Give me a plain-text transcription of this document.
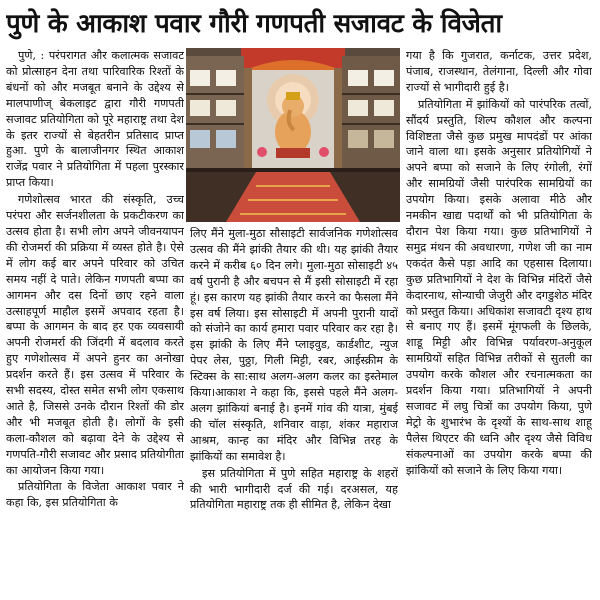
पुणे के आकाश पवार गौरी गणपती सजावट के विजेता

पुणे, : परंपरागत और कलात्मक सजावट को प्रोत्साहन देना तथा पारिवारिक रिश्तों के बंधनों को और मजबूत बनाने के उद्देश्य से मालपाणीज् बेकलाइट द्वारा गौरी गणपती सजावट प्रतियोगिता को पूरे महाराष्ट्र तथा देश के इतर राज्यों से बेहतरीन प्रतिसाद प्राप्त हुआ. पुणे के बालाजीनगर स्थित आकाश राजेंद्र पवार ने प्रतियोगिता में पहला पुरस्कार प्राप्त किया।

गणेशोत्सव भारत की संस्कृति, उच्च परंपरा और सर्जनशीलता के प्रकटीकरण का उत्सव होता है। सभी लोग अपने जीवनयापन की रोजमर्रा की प्रक्रिया में व्यस्त होते है। ऐसे में लोग कई बार अपने परिवार को उचित समय नहीं दे पाते। लेकिन गणपती बप्पा का आगमन और दस दिनों छाए रहने वाला उत्साहपूर्ण माहौल इसमें अपवाद रहता है। बप्पा के आगमन के बाद हर एक व्यवसायी अपनी रोजमर्रा की जिंदगी में बदलाव करते हुए गणेशोत्सव में अपने हुनर का अनोखा प्रदर्शन करते हैं। इस उत्सव में परिवार के सभी सदस्य, दोस्त समेत सभी लोग एकसाथ आते है, जिससे उनके दौरान रिश्तों की डोर और भी मजबूत होती है। लोगों के इसी कला-कौशल को बढ़ावा देने के उद्देश्य से गणपति-गौरी सजावट और प्रसाद प्रतियोगीता का आयोजन किया गया।

प्रतियोगिता के विजेता आकाश पवार ने कहा कि, इस प्रतियोगिता के

लिए मैंने मुला-मुठा सौसाइटी सार्वजनिक गणेशोत्सव उत्सव की मैंने झांकी तैयार की थी। यह झांकी तैयार करने में करीब ६० दिन लगे। मुला-मुठा सोसाइटी ४५ वर्ष पुरानी है और बचपन से मैं इसी सोसाइटी में रहा हूं। इस कारण यह झांकी तैयार करने का फैसला मैंने इस वर्ष लिया। इस सोसाइटी में अपनी पुरानी यादों को संजोने का कार्य हमारा पवार परिवार कर रहा है। इस झांकी के लिए मैंने प्लाइवुड, कार्डशीट, न्युज पेपर लेस, पुठ्ठा, गिली मिट्टी, रबर, आईस्क्रीम के स्टिक्स के सा:साथ अलग-अलग कलर का इस्तेमाल किया।आकाश ने कहा कि, इससे पहले मैंने अलग-अलग झांकियां बनाई है। इनमें गांव की यात्रा, मुंबई की चॉल संस्कृति, शनिवार वाड़ा, शंकर महाराज आश्रम, कान्ह का मंदिर और विभिन्न तरह के झांकियों का समावेश है।

इस प्रतियोगिता में पुणे सहित महाराष्ट्र के शहरों की भारी भागीदारी दर्ज की गई। दरअसल, यह प्रतियोगिता महाराष्ट्र तक ही सीमित है, लेकिन देखा

गया है कि गुजरात, कर्नाटक, उत्तर प्रदेश, पंजाब, राजस्थान, तेलंगाना, दिल्ली और गोवा राज्यों से भागीदारी हुई है।

प्रतियोगिता में झांकियों को पारंपरिक तत्वों, सौंदर्य प्रस्तुति, शिल्प कौशल और कल्पना विशिष्टता जैसे कुछ प्रमुख मापदंडों पर आंका जाने वाला था। इसके अनुसार प्रतियोगियों ने अपने बप्पा को सजाने के लिए रंगोली, रंगों और सामग्रियों जैसी पारंपरिक सामग्रियों का उपयोग किया। इसके अलावा मीठे और नमकीन खाद्य पदार्थों को भी प्रतियोगिता के दौरान पेश किया गया। कुछ प्रतिभागियों ने समुद्र मंथन की अवधारणा, गणेश जी का नाम एकदंत कैसे पड़ा आदि का एहसास दिलाया।कुछ प्रतिभागियों ने देश के विभिन्न मंदिरों जैसे केदारनाथ, सोन्याची जेजुरी और दगडुशेठ मंदिर को प्रस्तुत किया। अधिकांश सजावटी दृश्य हाथ से बनाए गए हैं। इसमें मूंगफली के छिलके, शाडू मिट्टी और विभिन्न पर्यावरण-अनुकूल सामग्रियों सहित विभिन्न तरीकों से सुतली का उपयोग करके कौशल और रचनात्मकता का प्रदर्शन किया गया। प्रतिभागियों ने अपनी सजावट में लघु चित्रों का उपयोग किया, पुणे मेट्रो के शुभारंभ के दृश्यों के साथ-साथ शाहू पैलेस थिएटर की ध्वनि और दृश्य जैसे विविध संकल्पनाओं का उपयोग करके बप्पा की झांकियों को सजाने के लिए किया गया।
